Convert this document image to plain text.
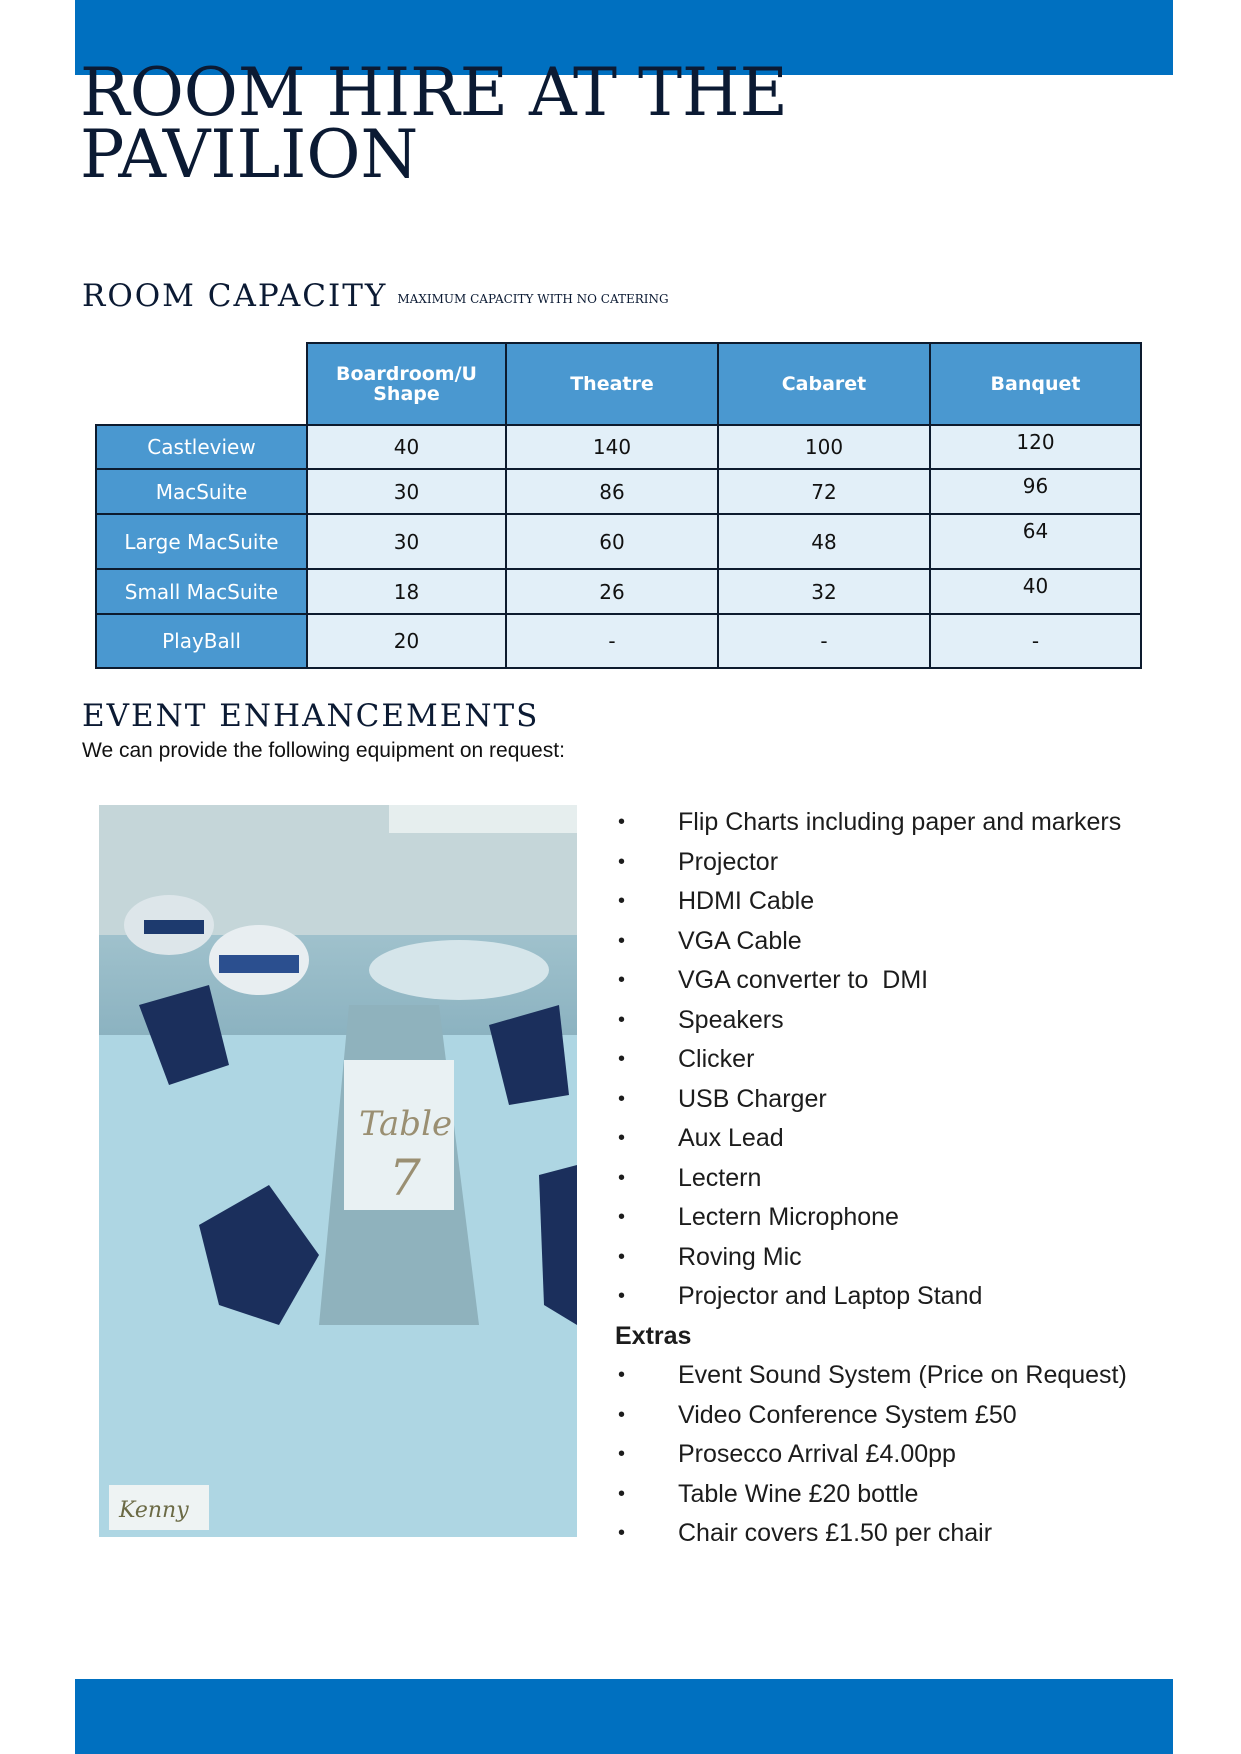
ROOM HIRE AT THE
PAVILION
ROOM CAPACITY $^{MAXIMUM CAPACITY WITH NO CATERING}$
	Boardroom/U Shape	Theatre	Cabaret	Banquet
Castleview	40	140	100	120
MacSuite	30	86	72	96
Large MacSuite	30	60	48	64
Small MacSuite	18	26	32	40
PlayBall	20	-	-	-
EVENT ENHANCEMENTS
We can provide the following equipment on request:
Table
7
Kenny
• Flip Charts including paper and markers
• Projector
• HDMI Cable
• VGA Cable
• VGA converter to  DMI
• Speakers
• Clicker
• USB Charger
• Aux Lead
• Lectern
• Lectern Microphone
• Roving Mic
• Projector and Laptop Stand
Extras
• Event Sound System (Price on Request)
• Video Conference System £50
• Prosecco Arrival £4.00pp
• Table Wine £20 bottle
• Chair covers £1.50 per chair
